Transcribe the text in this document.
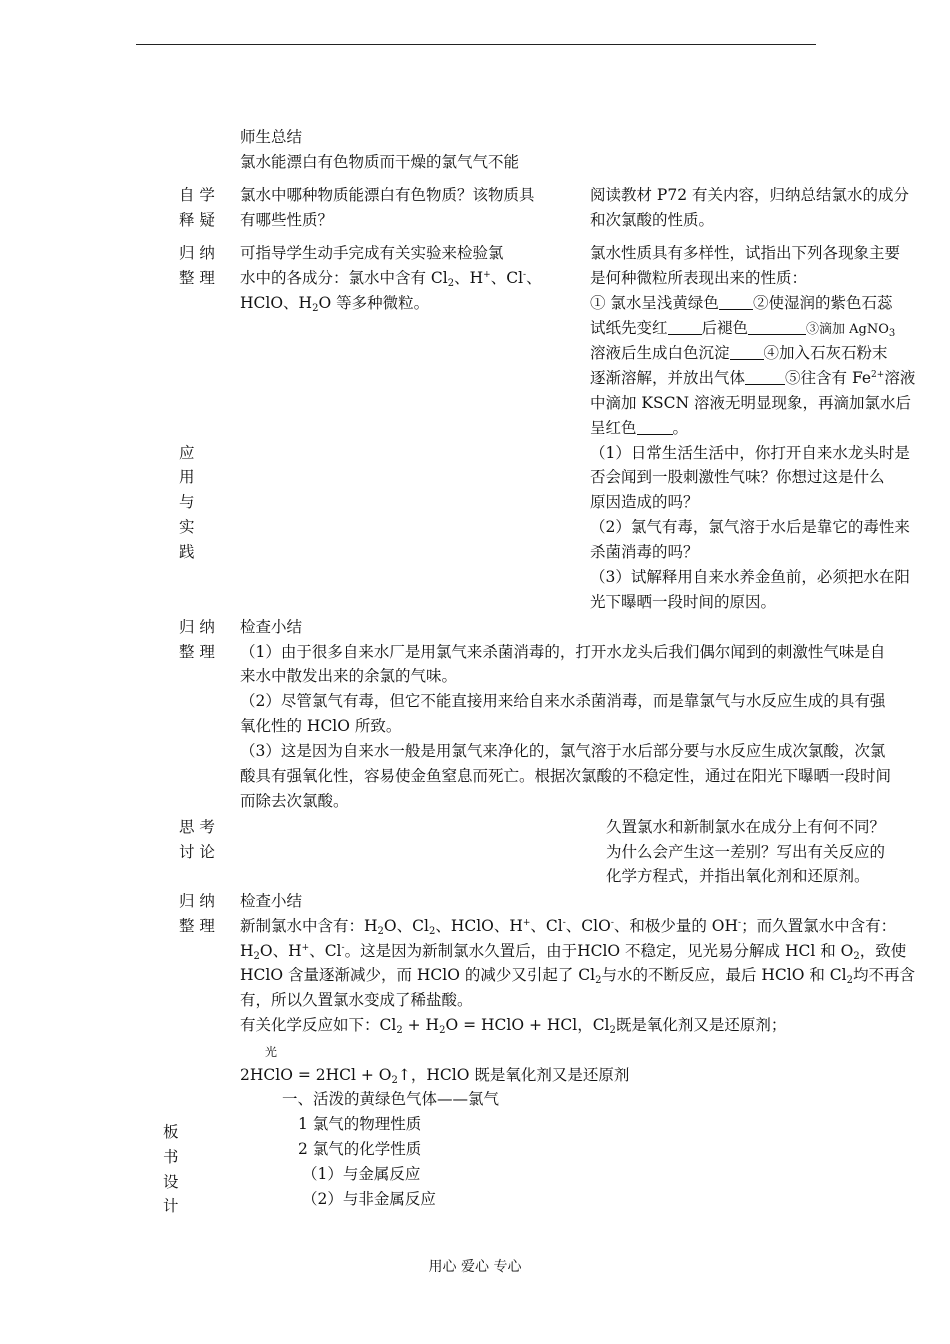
师生总结
氯水能漂白有色物质而干燥的氯气气不能
自 学
释 疑
氯水中哪种物质能漂白有色物质？该物质具
有哪些性质？
阅读教材 P72 有关内容，归纳总结氯水的成分
和次氯酸的性质。
归 纳
整 理
可指导学生动手完成有关实验来检验氯
水中的各成分：氯水中含有 $Cl_2$、H+、Cl-、
HClO、$H_2O$ 等多种微粒。
氯水性质具有多样性，试指出下列各现象主要
是何种微粒所表现出来的性质：
① 氯水呈浅黄绿色 ②使湿润的紫色石蕊
试纸先变红 后褪色	③滴加 AgNO$_3$
溶液后生成白色沉淀 ④加入石灰石粉末
逐渐溶解，并放出气体	⑤往含有 $Fe^{2+}$溶液
中滴加 KSCN 溶液无明显现象，再滴加氯水后
呈红色 。
应
用
与
实
践
（1）日常生活生活中，你打开自来水龙头时是
否会闻到一股刺激性气味？你想过这是什么
原因造成的吗？
（2）氯气有毒，氯气溶于水后是靠它的毒性来
杀菌消毒的吗？
（3）试解释用自来水养金鱼前，必须把水在阳
光下曝晒一段时间的原因。
归 纳
整 理
检查小结
（1）由于很多自来水厂是用氯气来杀菌消毒的，打开水龙头后我们偶尔闻到的刺激性气味是自
来水中散发出来的余氯的气味。
（2）尽管氯气有毒，但它不能直接用来给自来水杀菌消毒，而是靠氯气与水反应生成的具有强
氧化性的 HClO 所致。
（3）这是因为自来水一般是用氯气来净化的，氯气溶于水后部分要与水反应生成次氯酸，次氯
酸具有强氧化性，容易使金鱼窒息而死亡。根据次氯酸的不稳定性，通过在阳光下曝晒一段时间
而除去次氯酸。
思 考
讨 论
久置氯水和新制氯水在成分上有何不同？
为什么会产生这一差别？写出有关反应的
化学方程式，并指出氧化剂和还原剂。
归 纳
整 理
检查小结
新制氯水中含有：$H_2O$、$Cl_2$、HClO、H+、Cl-、ClO-、和极少量的 OH-；而久置氯水中含有：
$H_2O$、H+、Cl-。这是因为新制氯水久置后，由于HClO 不稳定，见光易分解成 HCl 和 $O_2$，致使
HClO 含量逐渐减少，而 HClO 的减少又引起了 $Cl_2$与水的不断反应，最后 HClO 和 $Cl_2$均不再含
有，所以久置氯水变成了稀盐酸。
有关化学反应如下：$Cl_2 + H_2O$ = HClO + HCl，$Cl_2$既是氧化剂又是还原剂；
光
2HClO = $2HCl + O_2↑$，HClO 既是氧化剂又是还原剂
一、活泼的黄绿色气体——氯气
1 氯气的物理性质
2 氯气的化学性质
（1）与金属反应
（2）与非金属反应
板
书
设
计
用心 爱心 专心
